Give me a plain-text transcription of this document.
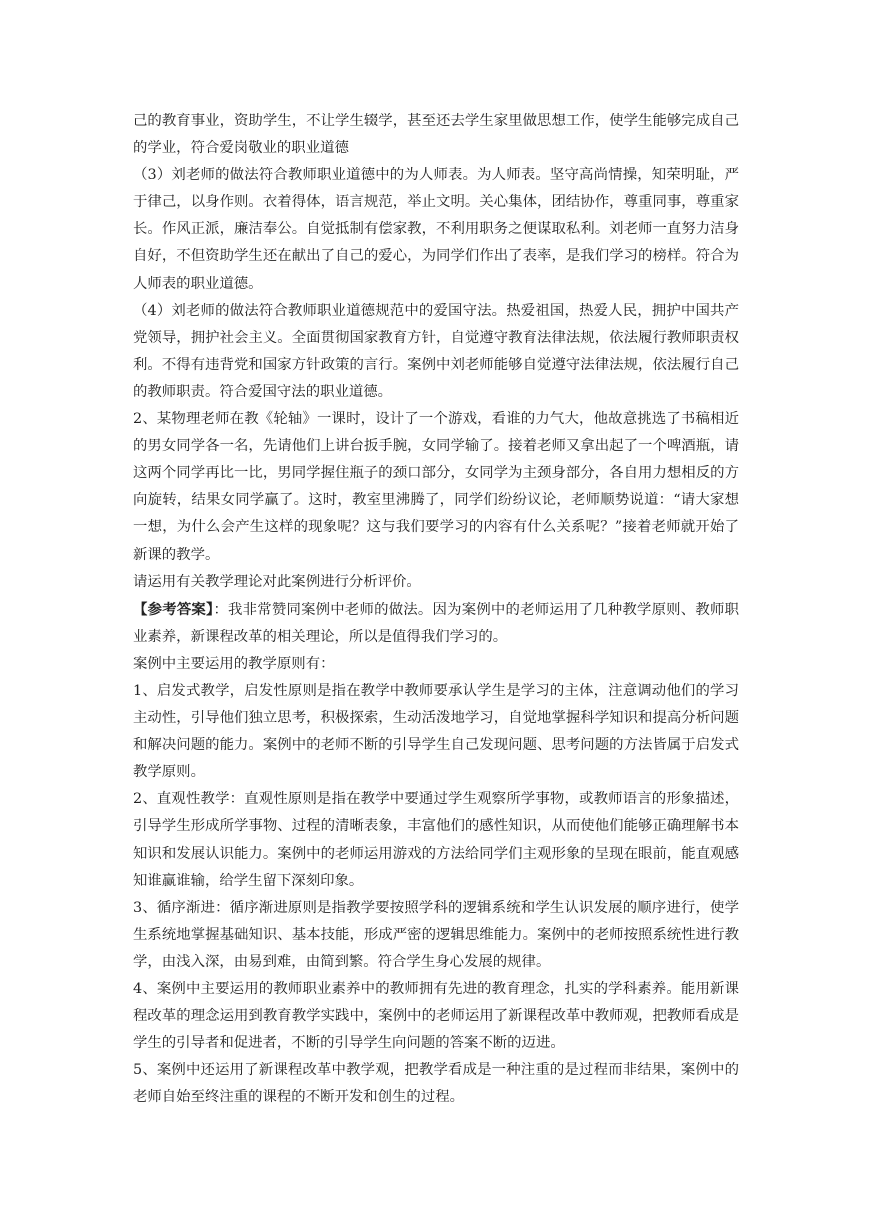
己的教育事业，资助学生，不让学生辍学，甚至还去学生家里做思想工作，使学生能够完成自己的学业，符合爱岗敬业的职业道德

（3）刘老师的做法符合教师职业道德中的为人师表。为人师表。坚守高尚情操，知荣明耻，严于律己，以身作则。衣着得体，语言规范，举止文明。关心集体，团结协作，尊重同事，尊重家长。作风正派，廉洁奉公。自觉抵制有偿家教，不利用职务之便谋取私利。刘老师一直努力洁身自好，不但资助学生还在献出了自己的爱心，为同学们作出了表率，是我们学习的榜样。符合为人师表的职业道德。

（4）刘老师的做法符合教师职业道德规范中的爱国守法。热爱祖国，热爱人民，拥护中国共产党领导，拥护社会主义。全面贯彻国家教育方针，自觉遵守教育法律法规，依法履行教师职责权利。不得有违背党和国家方针政策的言行。案例中刘老师能够自觉遵守法律法规，依法履行自己的教师职责。符合爱国守法的职业道德。

2、某物理老师在教《轮轴》一课时，设计了一个游戏，看谁的力气大，他故意挑选了书稿相近的男女同学各一名，先请他们上讲台扳手腕，女同学输了。接着老师又拿出起了一个啤酒瓶，请这两个同学再比一比，男同学握住瓶子的颈口部分，女同学为主颈身部分，各自用力想相反的方向旋转，结果女同学赢了。这时，教室里沸腾了，同学们纷纷议论，老师顺势说道：“请大家想一想，为什么会产生这样的现象呢？这与我们要学习的内容有什么关系呢？”接着老师就开始了新课的教学。

请运用有关教学理论对此案例进行分析评价。

【参考答案】：我非常赞同案例中老师的做法。因为案例中的老师运用了几种教学原则、教师职业素养，新课程改革的相关理论，所以是值得我们学习的。

案例中主要运用的教学原则有：

1、启发式教学，启发性原则是指在教学中教师要承认学生是学习的主体，注意调动他们的学习主动性，引导他们独立思考，积极探索，生动活泼地学习，自觉地掌握科学知识和提高分析问题和解决问题的能力。案例中的老师不断的引导学生自己发现问题、思考问题的方法皆属于启发式教学原则。

2、直观性教学：直观性原则是指在教学中要通过学生观察所学事物，或教师语言的形象描述，引导学生形成所学事物、过程的清晰表象，丰富他们的感性知识，从而使他们能够正确理解书本知识和发展认识能力。案例中的老师运用游戏的方法给同学们主观形象的呈现在眼前，能直观感知谁赢谁输，给学生留下深刻印象。

3、循序渐进：循序渐进原则是指教学要按照学科的逻辑系统和学生认识发展的顺序进行，使学生系统地掌握基础知识、基本技能，形成严密的逻辑思维能力。案例中的老师按照系统性进行教学，由浅入深，由易到难，由简到繁。符合学生身心发展的规律。

4、案例中主要运用的教师职业素养中的教师拥有先进的教育理念，扎实的学科素养。能用新课程改革的理念运用到教育教学实践中，案例中的老师运用了新课程改革中教师观，把教师看成是学生的引导者和促进者，不断的引导学生向问题的答案不断的迈进。

5、案例中还运用了新课程改革中教学观，把教学看成是一种注重的是过程而非结果，案例中的老师自始至终注重的课程的不断开发和创生的过程。
